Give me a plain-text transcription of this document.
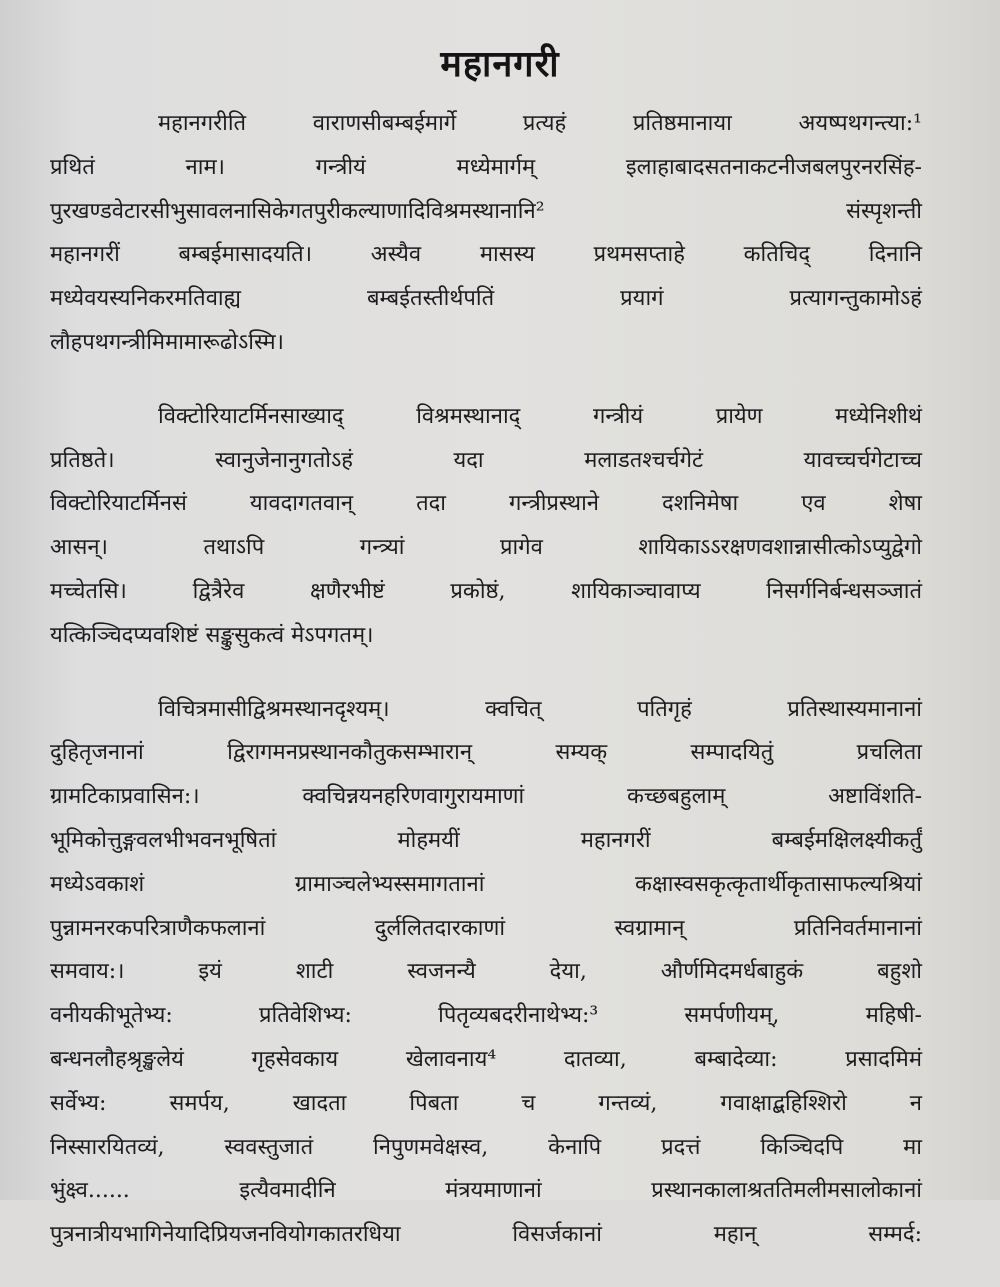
महानगरी
महानगरीति वाराणसीबम्बईमार्गे प्रत्यहं प्रतिष्ठमानाया अयष्पथगन्त्या:¹
प्रथितं नाम। गन्त्रीयं मध्येमार्गम् इलाहाबादसतनाकटनीजबलपुरनरसिंह-
पुरखण्डवेटारसीभुसावलनासिकेगतपुरीकल्याणादिविश्रमस्थानानि² संस्पृशन्ती
महानगरीं बम्बईमासादयति। अस्यैव मासस्य प्रथमसप्ताहे कतिचिद् दिनानि
मध्येवयस्यनिकरमतिवाह्य बम्बईतस्तीर्थपतिं प्रयागं प्रत्यागन्तुकामोऽहं
लौहपथगन्त्रीमिमामारूढोऽस्मि।
विक्टोरियाटर्मिनसाख्याद् विश्रमस्थानाद् गन्त्रीयं प्रायेण मध्येनिशीथं
प्रतिष्ठते। स्वानुजेनानुगतोऽहं यदा मलाडतश्चर्चगेटं यावच्चर्चगेटाच्च
विक्टोरियाटर्मिनसं यावदागतवान् तदा गन्त्रीप्रस्थाने दशनिमेषा एव शेषा
आसन्। तथाऽपि गन्त्र्यां प्रागेव शायिकाऽऽरक्षणवशान्नासीत्कोऽप्युद्वेगो
मच्चेतसि। द्वित्रैरेव क्षणैरभीष्टं प्रकोष्ठं, शायिकाञ्चावाप्य निसर्गनिर्बन्धसञ्जातं
यत्किञ्चिदप्यवशिष्टं सङ्कुसुकत्वं मेऽपगतम्।
विचित्रमासीद्विश्रमस्थानदृश्यम्। क्वचित् पतिगृहं प्रतिस्थास्यमानानां
दुहितृजनानां द्विरागमनप्रस्थानकौतुकसम्भारान् सम्यक् सम्पादयितुं प्रचलिता
ग्रामटिकाप्रवासिन:। क्वचिन्नयनहरिणवागुरायमाणां कच्छबहुलाम् अष्टाविंशति-
भूमिकोत्तुङ्गवलभीभवनभूषितां मोहमयीं महानगरीं बम्बईमक्षिलक्ष्यीकर्तुं
मध्येऽवकाशं ग्रामाञ्चलेभ्यस्समागतानां कक्षास्वसकृत्कृतार्थीकृतासाफल्यश्रियां
पुन्नामनरकपरित्राणैकफलानां दुर्ललितदारकाणां स्वग्रामान् प्रतिनिवर्तमानानां
समवाय:। इयं शाटी स्वजनन्यै देया, और्णमिदमर्धबाहुकं बहुशो
वनीयकीभूतेभ्य: प्रतिवेशिभ्य: पितृव्यबदरीनाथेभ्य:³ समर्पणीयम्, महिषी-
बन्धनलौहश्रृङ्खलेयं गृहसेवकाय खेलावनाय⁴ दातव्या, बम्बादेव्या: प्रसादमिमं
सर्वेभ्य: समर्पय, खादता पिबता च गन्तव्यं, गवाक्षाद्बहिश्शिरो न
निस्सारयितव्यं, स्ववस्तुजातं निपुणमवेक्षस्व, केनापि प्रदत्तं किञ्चिदपि मा
भुंक्ष्व...... इत्यैवमादीनि मंत्रयमाणानां प्रस्थानकालाश्रततिमलीमसालोकानां
पुत्रनात्रीयभागिनेयादिप्रियजनवियोगकातरधिया विसर्जकानां महान् सम्मर्द:
